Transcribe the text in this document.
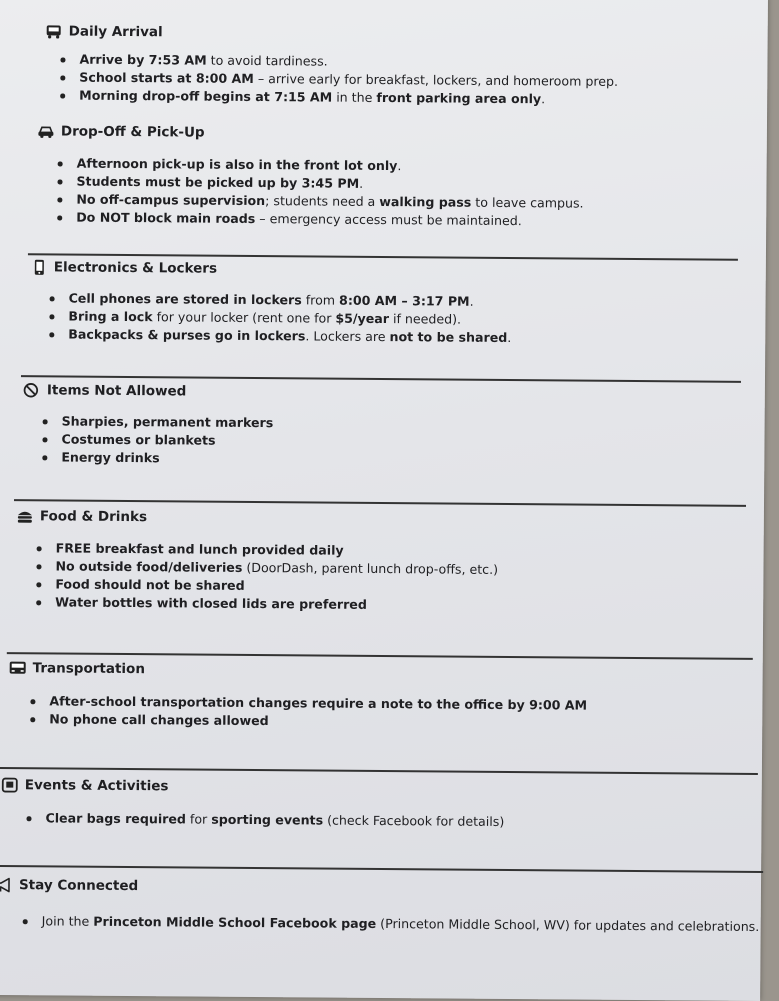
Daily Arrival
Arrive by 7:53 AM to avoid tardiness.
School starts at 8:00 AM – arrive early for breakfast, lockers, and homeroom prep.
Morning drop-off begins at 7:15 AM in the front parking area only.
Drop-Off & Pick-Up
Afternoon pick-up is also in the front lot only.
Students must be picked up by 3:45 PM.
No off-campus supervision; students need a walking pass to leave campus.
Do NOT block main roads – emergency access must be maintained.
Electronics & Lockers
Cell phones are stored in lockers from 8:00 AM – 3:17 PM.
Bring a lock for your locker (rent one for $5/year if needed).
Backpacks & purses go in lockers. Lockers are not to be shared.
Items Not Allowed
Sharpies, permanent markers
Costumes or blankets
Energy drinks
Food & Drinks
FREE breakfast and lunch provided daily
No outside food/deliveries (DoorDash, parent lunch drop-offs, etc.)
Food should not be shared
Water bottles with closed lids are preferred
Transportation
After-school transportation changes require a note to the office by 9:00 AM
No phone call changes allowed
Events & Activities
Clear bags required for sporting events (check Facebook for details)
Stay Connected
Join the Princeton Middle School Facebook page (Princeton Middle School, WV) for updates and celebrations.
